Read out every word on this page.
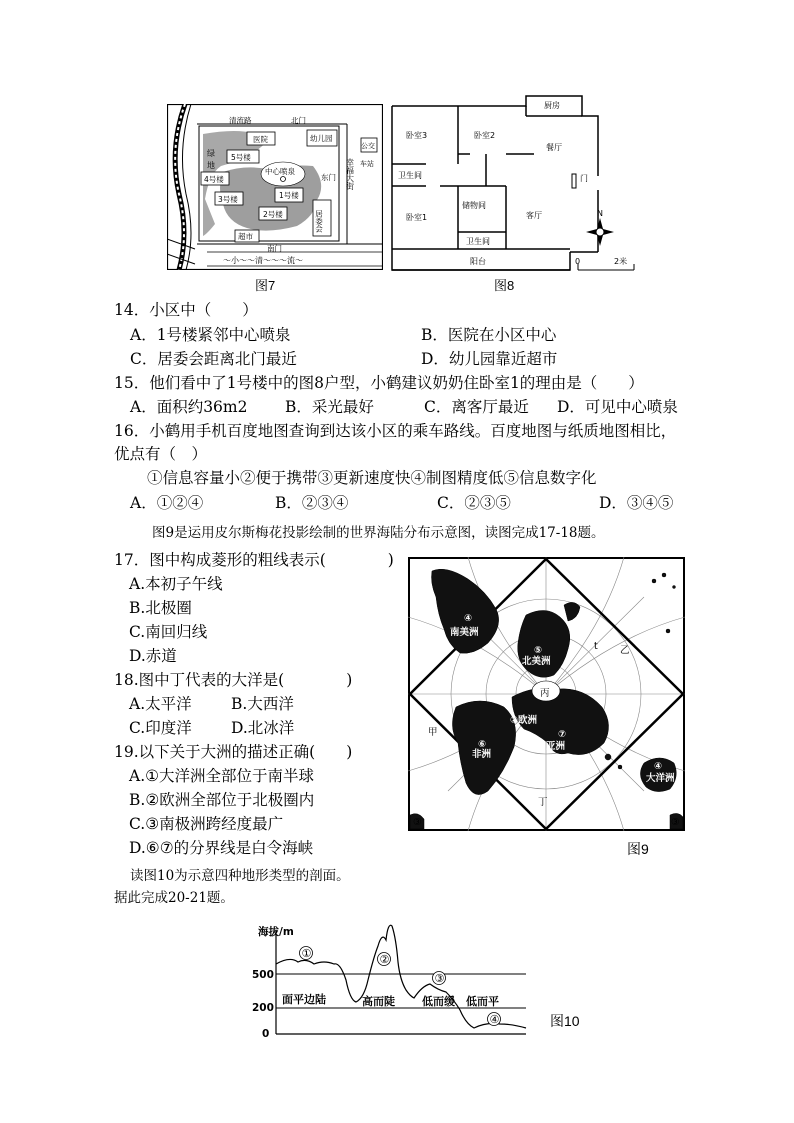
清流路	北门
绿
地
医院	幼儿园
公交
车站
5号楼
4号楼
3号楼
2号楼
1号楼
中心喷泉
东门 幸福大街
居委会
超市
南门
〜小〜〜清〜〜〜流〜
图7
厨房
卧室3	卧室2
餐厅
卫生间	门
卧室1
储物间
客厅
卫生间
阳台
N
0	2米
图8
14．小区中（　　）
A．1号楼紧邻中心喷泉	B．医院在小区中心
C．居委会距离北门最近	D．幼儿园靠近超市
15．他们看中了1号楼中的图8户型，小鹤建议奶奶住卧室1的理由是（　　）
A．面积约36m2 B．采光最好	C．离客厅最近 D．可见中心喷泉
16．小鹤用手机百度地图查询到达该小区的乘车路线。百度地图与纸质地图相比，
优点有（　）
①信息容量小②便于携带③更新速度快④制图精度低⑤信息数字化
A．①②④	B．②③④	C．②③⑤	D．③④⑤
图9是运用皮尔斯梅花投影绘制的世界海陆分布示意图，读图完成17-18题。
17．图中构成菱形的粗线表示(　　　　)
A.本初子午线
B.北极圈
C.南回归线
D.赤道
18.图中丁代表的大洋是(　　　　)
A.太平洋	B.大西洋
C.印度洋	D.北冰洋
19.以下关于大洲的描述正确(　　)
A.①大洋洲全部位于南半球
B.②欧洲全部位于北极圈内
C.③南极洲跨经度最广
D.⑥⑦的分界线是白令海峡
南美洲
北美洲
欧洲
亚洲
非洲
大洋洲
④
⑤
②
⑦
⑥
④
③	③
丙
甲
乙
丁
t
图9
读图10为示意四种地形类型的剖面。
据此完成20-21题。
①	②
③
④
面平边陆	高而陡 低而缓 低而平
海拔/m
500
200
0
图10
